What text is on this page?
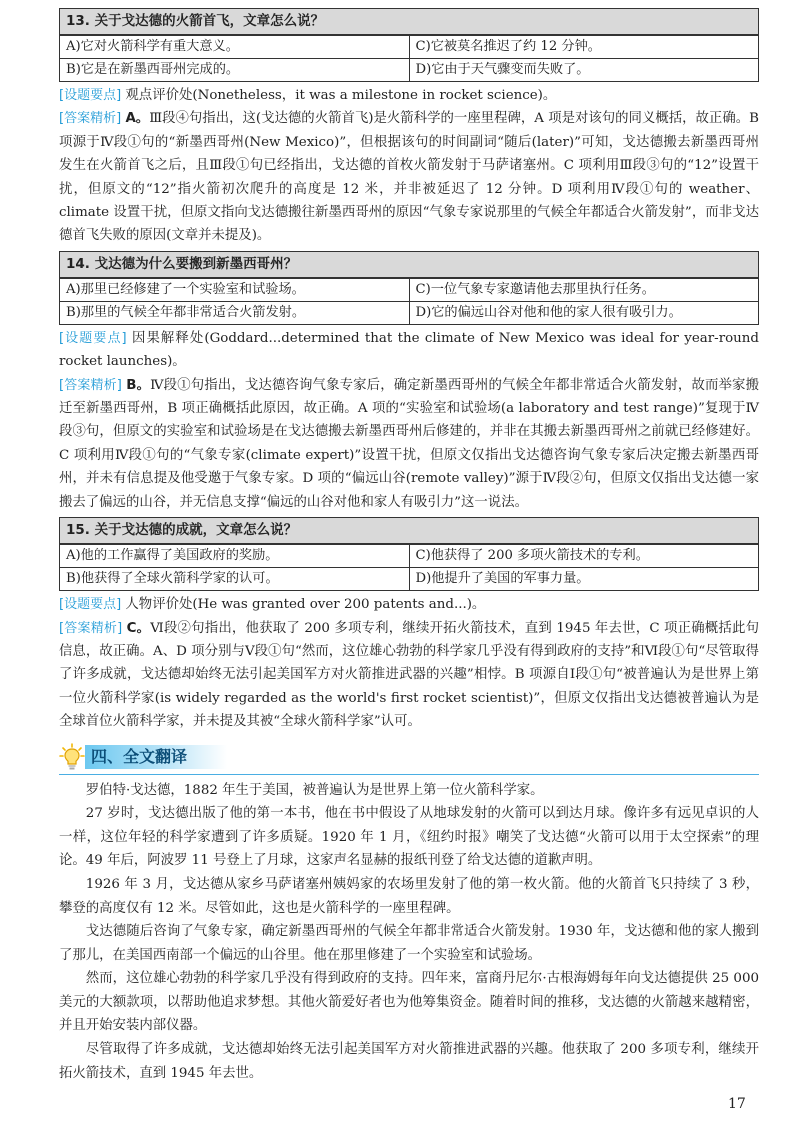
13. 关于戈达德的火箭首飞，文章怎么说？
A)它对火箭科学有重大意义。	C)它被莫名推迟了约 12 分钟。
B)它是在新墨西哥州完成的。	D)它由于天气骤变而失败了。

[设题要点] 观点评价处(Nonetheless，it was a milestone in rocket science)。

[答案精析] A。Ⅲ段④句指出，这(戈达德的火箭首飞)是火箭科学的一座里程碑，A 项是对该句的同义概括，故正确。B 项源于Ⅳ段①句的“新墨西哥州(New Mexico)”，但根据该句的时间副词“随后(later)”可知，戈达德搬去新墨西哥州发生在火箭首飞之后，且Ⅲ段①句已经指出，戈达德的首枚火箭发射于马萨诸塞州。C 项利用Ⅲ段③句的“12”设置干扰，但原文的“12”指火箭初次爬升的高度是 12 米，并非被延迟了 12 分钟。D 项利用Ⅳ段①句的 weather、climate 设置干扰，但原文指向戈达德搬往新墨西哥州的原因“气象专家说那里的气候全年都适合火箭发射”，而非戈达德首飞失败的原因(文章并未提及)。

14. 戈达德为什么要搬到新墨西哥州？
A)那里已经修建了一个实验室和试验场。	C)一位气象专家邀请他去那里执行任务。
B)那里的气候全年都非常适合火箭发射。	D)它的偏远山谷对他和他的家人很有吸引力。

[设题要点] 因果解释处(Goddard...determined that the climate of New Mexico was ideal for year-round rocket launches)。

[答案精析] B。Ⅳ段①句指出，戈达德咨询气象专家后，确定新墨西哥州的气候全年都非常适合火箭发射，故而举家搬迁至新墨西哥州，B 项正确概括此原因，故正确。A 项的“实验室和试验场(a laboratory and test range)”复现于Ⅳ段③句，但原文的实验室和试验场是在戈达德搬去新墨西哥州后修建的，并非在其搬去新墨西哥州之前就已经修建好。C 项利用Ⅳ段①句的“气象专家(climate expert)”设置干扰，但原文仅指出戈达德咨询气象专家后决定搬去新墨西哥州，并未有信息提及他受邀于气象专家。D 项的“偏远山谷(remote valley)”源于Ⅳ段②句，但原文仅指出戈达德一家搬去了偏远的山谷，并无信息支撑“偏远的山谷对他和家人有吸引力”这一说法。

15. 关于戈达德的成就，文章怎么说？
A)他的工作赢得了美国政府的奖励。	C)他获得了 200 多项火箭技术的专利。
B)他获得了全球火箭科学家的认可。	D)他提升了美国的军事力量。

[设题要点] 人物评价处(He was granted over 200 patents and...)。

[答案精析] C。Ⅵ段②句指出，他获取了 200 多项专利，继续开拓火箭技术，直到 1945 年去世，C 项正确概括此句信息，故正确。A、D 项分别与Ⅴ段①句“然而，这位雄心勃勃的科学家几乎没有得到政府的支持”和Ⅵ段①句“尽管取得了许多成就，戈达德却始终无法引起美国军方对火箭推进武器的兴趣”相悖。B 项源自Ⅰ段①句“被普遍认为是世界上第一位火箭科学家(is widely regarded as the world's first rocket scientist)”，但原文仅指出戈达德被普遍认为是全球首位火箭科学家，并未提及其被“全球火箭科学家”认可。

四、全文翻译

罗伯特·戈达德，1882 年生于美国，被普遍认为是世界上第一位火箭科学家。

27 岁时，戈达德出版了他的第一本书，他在书中假设了从地球发射的火箭可以到达月球。像许多有远见卓识的人一样，这位年轻的科学家遭到了许多质疑。1920 年 1 月，《纽约时报》嘲笑了戈达德“火箭可以用于太空探索”的理论。49 年后，阿波罗 11 号登上了月球，这家声名显赫的报纸刊登了给戈达德的道歉声明。

1926 年 3 月，戈达德从家乡马萨诸塞州姨妈家的农场里发射了他的第一枚火箭。他的火箭首飞只持续了 3 秒，攀登的高度仅有 12 米。尽管如此，这也是火箭科学的一座里程碑。

戈达德随后咨询了气象专家，确定新墨西哥州的气候全年都非常适合火箭发射。1930 年，戈达德和他的家人搬到了那儿，在美国西南部一个偏远的山谷里。他在那里修建了一个实验室和试验场。

然而，这位雄心勃勃的科学家几乎没有得到政府的支持。四年来，富商丹尼尔·古根海姆每年向戈达德提供 25 000 美元的大额款项，以帮助他追求梦想。其他火箭爱好者也为他筹集资金。随着时间的推移，戈达德的火箭越来越精密，并且开始安装内部仪器。

尽管取得了许多成就，戈达德却始终无法引起美国军方对火箭推进武器的兴趣。他获取了 200 多项专利，继续开拓火箭技术，直到 1945 年去世。

17
